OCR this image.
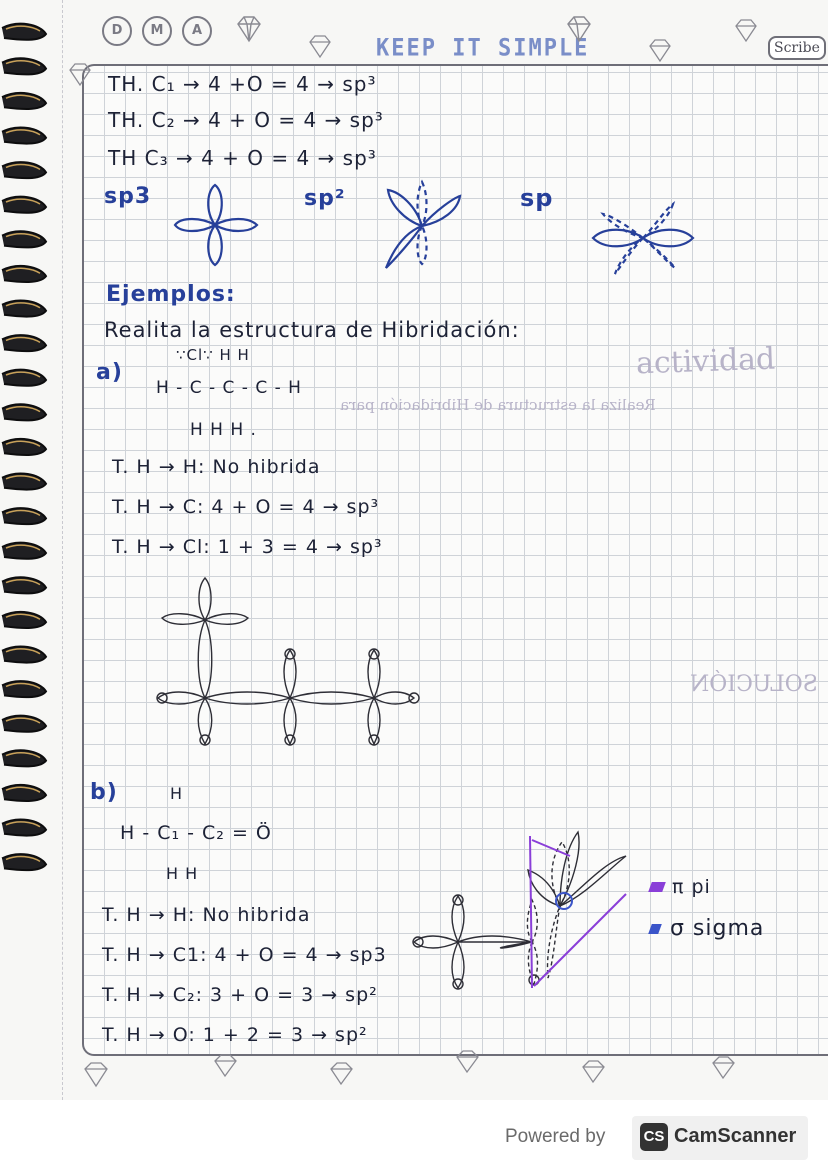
D	M	A
KEEP IT SIMPLE	Scribe
actividad
SOLUCIÓN
Realiza la estructura de Hibridación para
TH. C₁ → 4 +O = 4 → sp³
TH. C₂ → 4 + O = 4 → sp³
TH C₃ → 4 + O = 4 → sp³
sp3	sp²	sp
Ejemplos:
Realita la estructura de Hibridación:
a)
∵Cl∵ H H
H - C - C - C - H
H H H .
T. H → H: No hibrida
T. H → C: 4 + O = 4 → sp³
T. H → Cl: 1 + 3 = 4 → sp³
b)	H
H - C₁ - C₂ = Ö
H H
T. H → H: No hibrida
T. H → C1: 4 + O = 4 → sp3
T. H → C₂: 3 + O = 3 → sp²
T. H → O: 1 + 2 = 3 → sp²
π pi
σ sigma
Powered by	CS CamScanner
